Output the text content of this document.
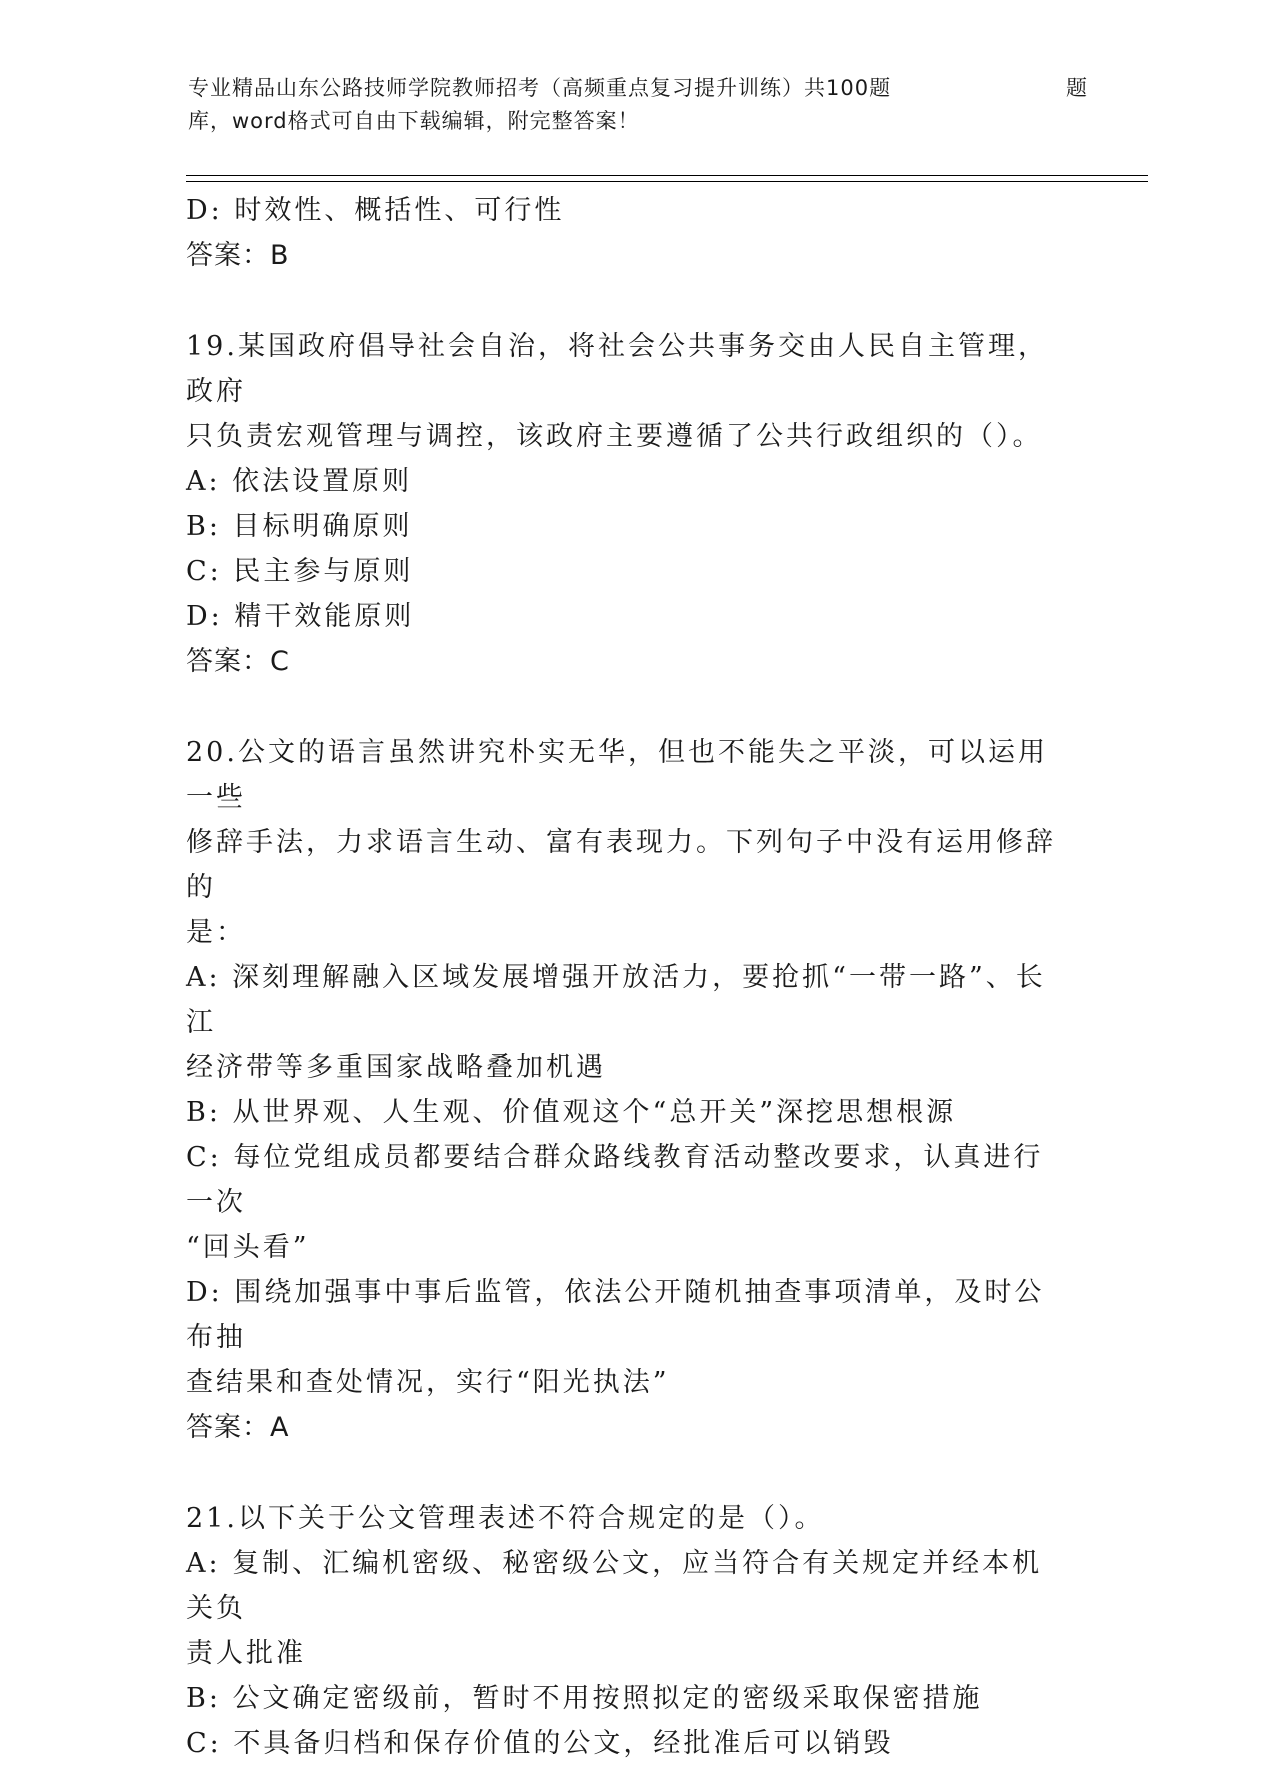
专业精品山东公路技师学院教师招考（高频重点复习提升训练）共100题	题
库，word格式可自由下载编辑，附完整答案！

D: 时效性、概括性、可行性

答案：B

19.某国政府倡导社会自治，将社会公共事务交由人民自主管理，政府

只负责宏观管理与调控，该政府主要遵循了公共行政组织的（）。

A: 依法设置原则

B: 目标明确原则

C: 民主参与原则

D: 精干效能原则

答案：C

20.公文的语言虽然讲究朴实无华，但也不能失之平淡，可以运用一些

修辞手法，力求语言生动、富有表现力。下列句子中没有运用修辞的

是：

A: 深刻理解融入区域发展增强开放活力，要抢抓“一带一路”、长江

经济带等多重国家战略叠加机遇

B: 从世界观、人生观、价值观这个“总开关”深挖思想根源

C: 每位党组成员都要结合群众路线教育活动整改要求，认真进行一次

“回头看”

D: 围绕加强事中事后监管，依法公开随机抽查事项清单，及时公布抽

查结果和查处情况，实行“阳光执法”

答案：A

21.以下关于公文管理表述不符合规定的是（）。

A: 复制、汇编机密级、秘密级公文，应当符合有关规定并经本机关负

责人批准

B: 公文确定密级前，暂时不用按照拟定的密级采取保密措施

C: 不具备归档和保存价值的公文，经批准后可以销毁
